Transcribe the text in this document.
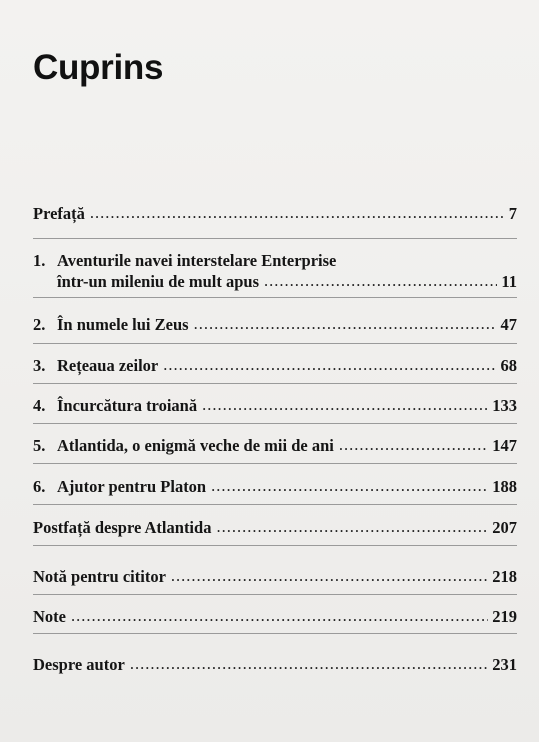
Cuprins
Prefață .....	7
1. Aventurile navei interstelare Enterprise
într-un mileniu de mult apus .....	11
2. În numele lui Zeus .....	47
3. Rețeaua zeilor .....	68
4. Încurcătura troiană .....	133
5. Atlantida, o enigmă veche de mii de ani .....	147
6. Ajutor pentru Platon .....	188
Postfață despre Atlantida .....	207
Notă pentru cititor .....	218
Note .....	219
Despre autor .....	231
